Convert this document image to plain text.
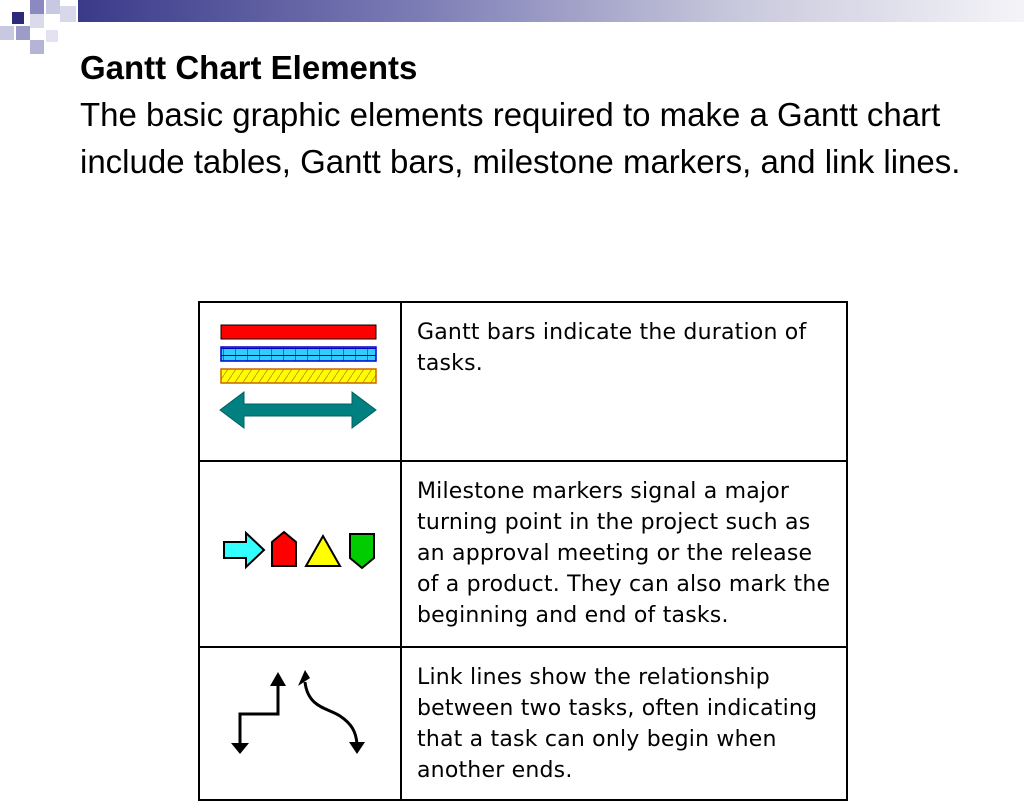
Gantt Chart Elements
The basic graphic elements required to make a Gantt chart include tables, Gantt bars, milestone markers, and link lines.
	Gantt bars indicate the duration of tasks.

	Milestone markers signal a major turning point in the project such as an approval meeting or the release of a product. They can also mark the beginning and end of tasks.

	Link lines show the relationship between two tasks, often indicating that a task can only begin when another ends.
